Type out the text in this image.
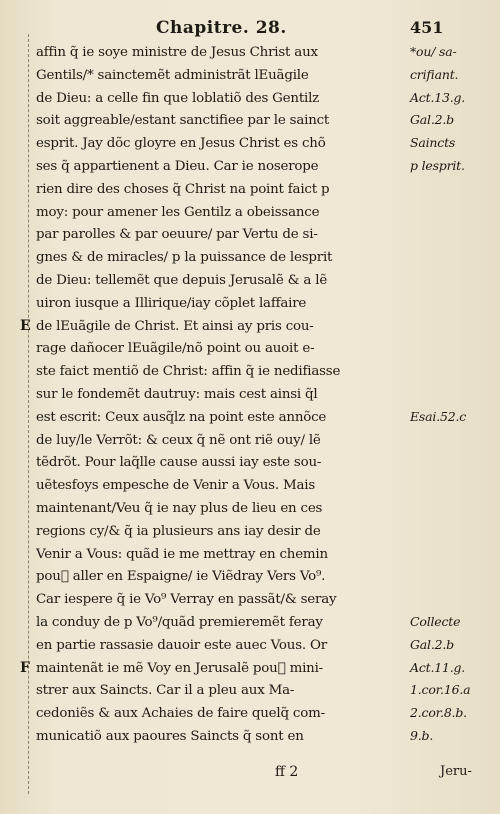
Chapitre. 28.	451
affin q̃ ie soye ministre de Jesus Christ aux
Gentils/* sainctemẽt administrãt lEuãgile
de Dieu: a celle fin que loblatiõ des Gentilz
soit aggreable/estant sanctifiee par le sainct
esprit. Jay dõc gloyre en Jesus Christ es chõ
ses q̃ appartienent a Dieu. Car ie noserope
rien dire des choses q̃ Christ na point faict p
moy: pour amener les Gentilz a obeissance
par parolles & par oeuure/ par Vertu de si-
gnes & de miracles/ p la puissance de lesprit
de Dieu: tellemẽt que depuis Jerusalẽ & a lẽ
uiron iusque a Illirique/iay cõplet laffaire
de lEuãgile de Christ. Et ainsi ay pris cou-
rage dañocer lEuãgile/nõ point ou auoit e-
ste faict mentiõ de Christ: affin q̃ ie nedifiasse
sur le fondemẽt dautruy: mais cest ainsi q̃l
est escrit: Ceux ausq̃lz na point este annõce
de luy/le Verrõt: & ceux q̃ nẽ ont riẽ ouy/ lẽ
tẽdrõt. Pour laq̃lle cause aussi iay este sou-
uẽtesfoys empesche de Venir a Vous. Mais
maintenant/Veu q̃ ie nay plus de lieu en ces
regions cy/& q̃ ia plusieurs ans iay desir de
Venir a Vous: quãd ie me mettray en chemin
pou᷑ aller en Espaigne/ ie Viẽdray Vers Vo⁹.
Car iespere q̃ ie Vo⁹ Verray en passãt/& seray
la conduy de p Vo⁹/quãd premieremẽt feray
en partie rassasie dauoir este auec Vous. Or
maintenãt ie mẽ Voy en Jerusalẽ pou᷑ mini-
strer aux Saincts. Car il a pleu aux Ma-
cedoniẽs & aux Achaies de faire quelq̃ com-
municatiõ aux paoures Saincts q̃ sont en
*ou/ sa-
crifiant.
Act.13.g.
Gal.2.b
Saincts
p lesprit.
Esai.52.c
Collecte
Gal.2.b
Act.11.g.
1.cor.16.a
2.cor.8.b.
9.b.
E
F
ff 2	Jeru-
